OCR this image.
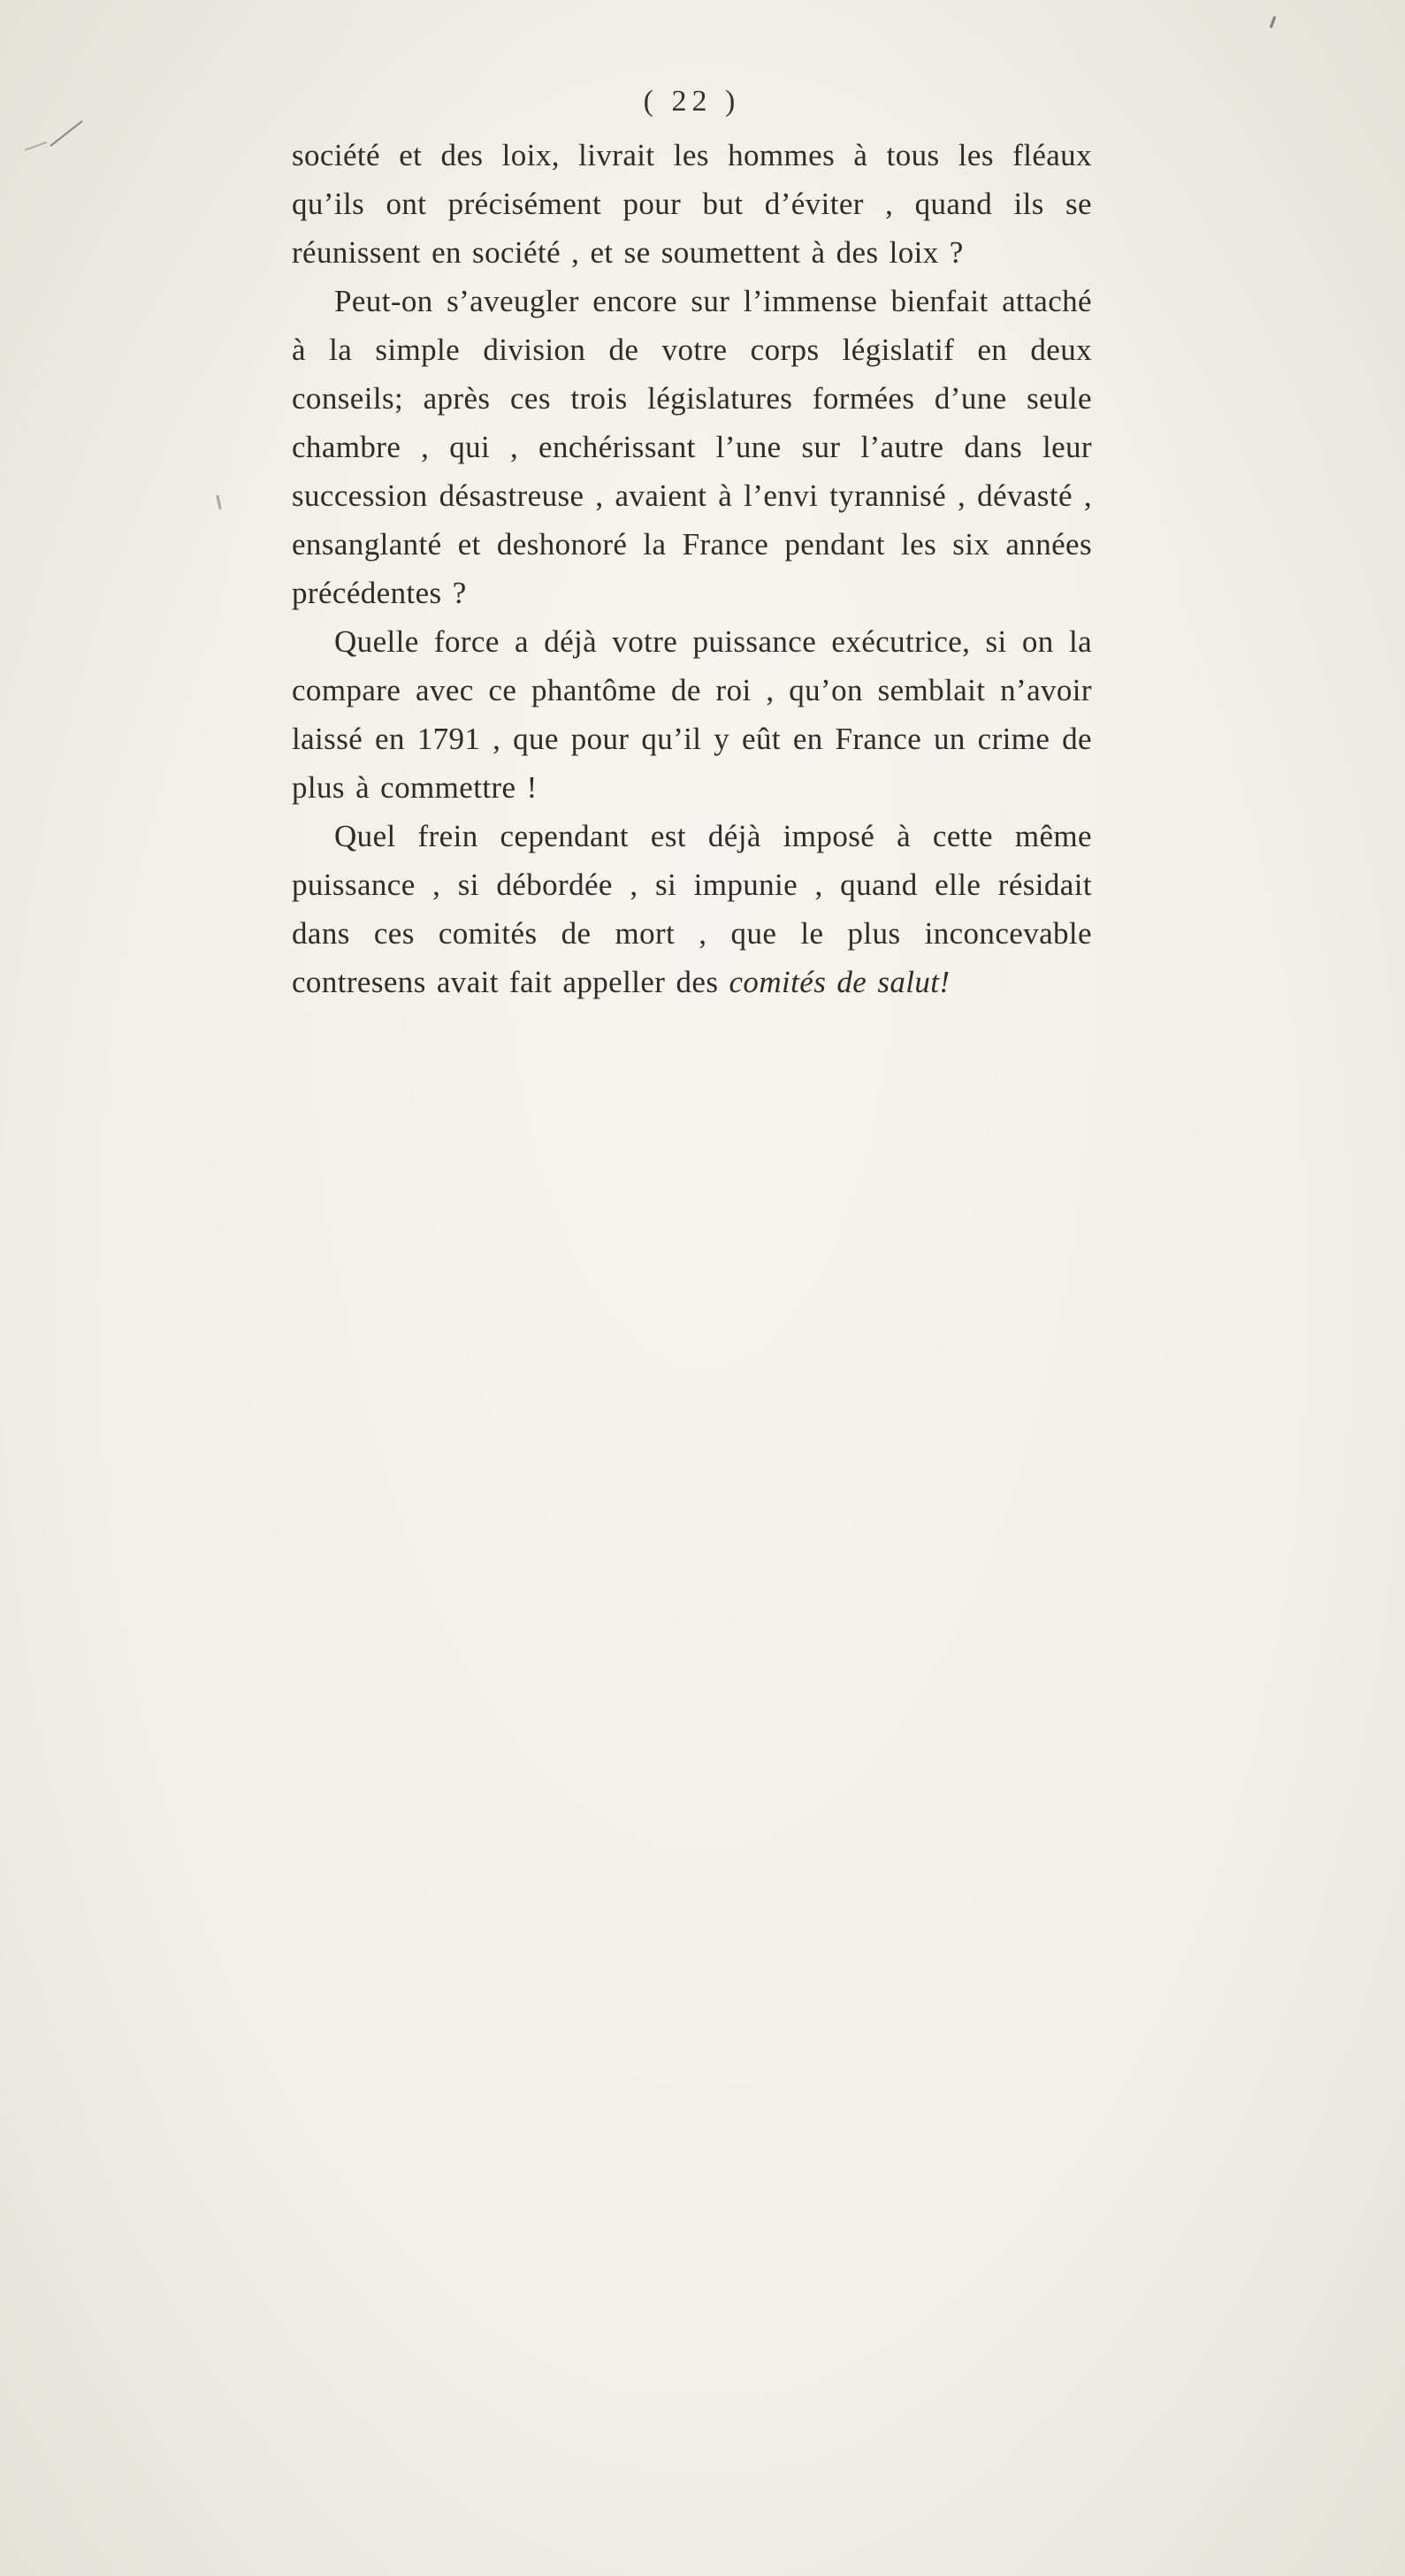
( 22 )

société et des loix, livrait les hommes à tous les fléaux qu’ils ont précisément pour but d’éviter , quand ils se réunissent en société , et se soumettent à des loix ?

Peut-on s’aveugler encore sur l’immense bienfait attaché à la simple division de votre corps législatif en deux conseils; après ces trois législatures formées d’une seule chambre , qui , enchérissant l’une sur l’autre dans leur succession désastreuse , avaient à l’envi tyrannisé , dévasté , ensanglanté et deshonoré la France pendant les six années précédentes ?

Quelle force a déjà votre puissance exécutrice, si on la compare avec ce phantôme de roi , qu’on semblait n’avoir laissé en 1791 , que pour qu’il y eût en France un crime de plus à commettre !

Quel frein cependant est déjà imposé à cette même puissance , si débordée , si impunie , quand elle résidait dans ces comités de mort , que le plus inconcevable contresens avait fait appeller des comités de salut!
